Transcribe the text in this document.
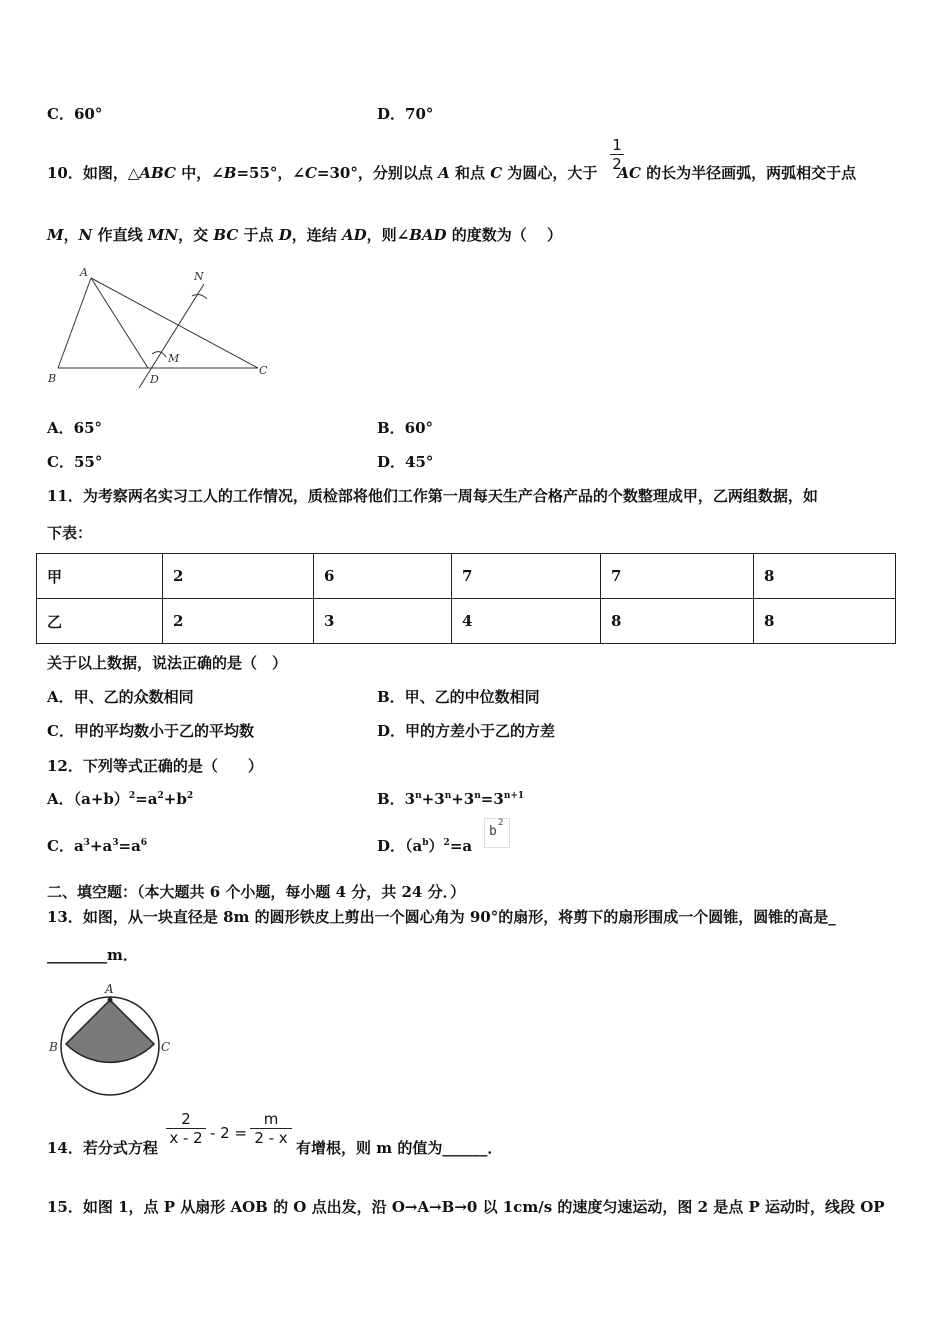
C．60°	D．70°
10．如图，△ABC 中，∠B=55°，∠C=30°，分别以点 A 和点 C 为圆心，大于 AC 的长为半径画弧，两弧相交于点
$\frac{1}{2}$
M，N 作直线 MN，交 BC 于点 D，连结 AD，则∠BAD 的度数为（　 ）
A
B
C
D
M
N
A．65°	B．60°
C．55°	D．45°
11．为考察两名实习工人的工作情况，质检部将他们工作第一周每天生产合格产品的个数整理成甲，乙两组数据，如
下表：
甲	2	6	7	7	8
乙	2	3	4	8	8
关于以上数据，说法正确的是（　）
A．甲、乙的众数相同	B．甲、乙的中位数相同
C．甲的平均数小于乙的平均数	D．甲的方差小于乙的方差
12．下列等式正确的是（　　）
A．$(a+b)^2=a^2+b^2$	B．$3^n+3^n+3^n=3^{n+1}$
C．$a^3+a^3=a^6$	D．$(a^b)^2=a$
b
2
二、填空题：（本大题共 6 个小题，每小题 4 分，共 24 分．）
13．如图，从一块直径是 8m 的圆形铁皮上剪出一个圆心角为 90°的扇形，将剪下的扇形围成一个圆锥，圆锥的高是_
________m．
A
B	C
14．若分式方程
$\frac{2}{x - 2} - 2 = \frac{m}{2 - x}$
有增根，则 m 的值为______．
15．如图 1，点 P 从扇形 AOB 的 O 点出发，沿 O→A→B→0 以 1cm/s 的速度匀速运动，图 2 是点 P 运动时，线段 OP
